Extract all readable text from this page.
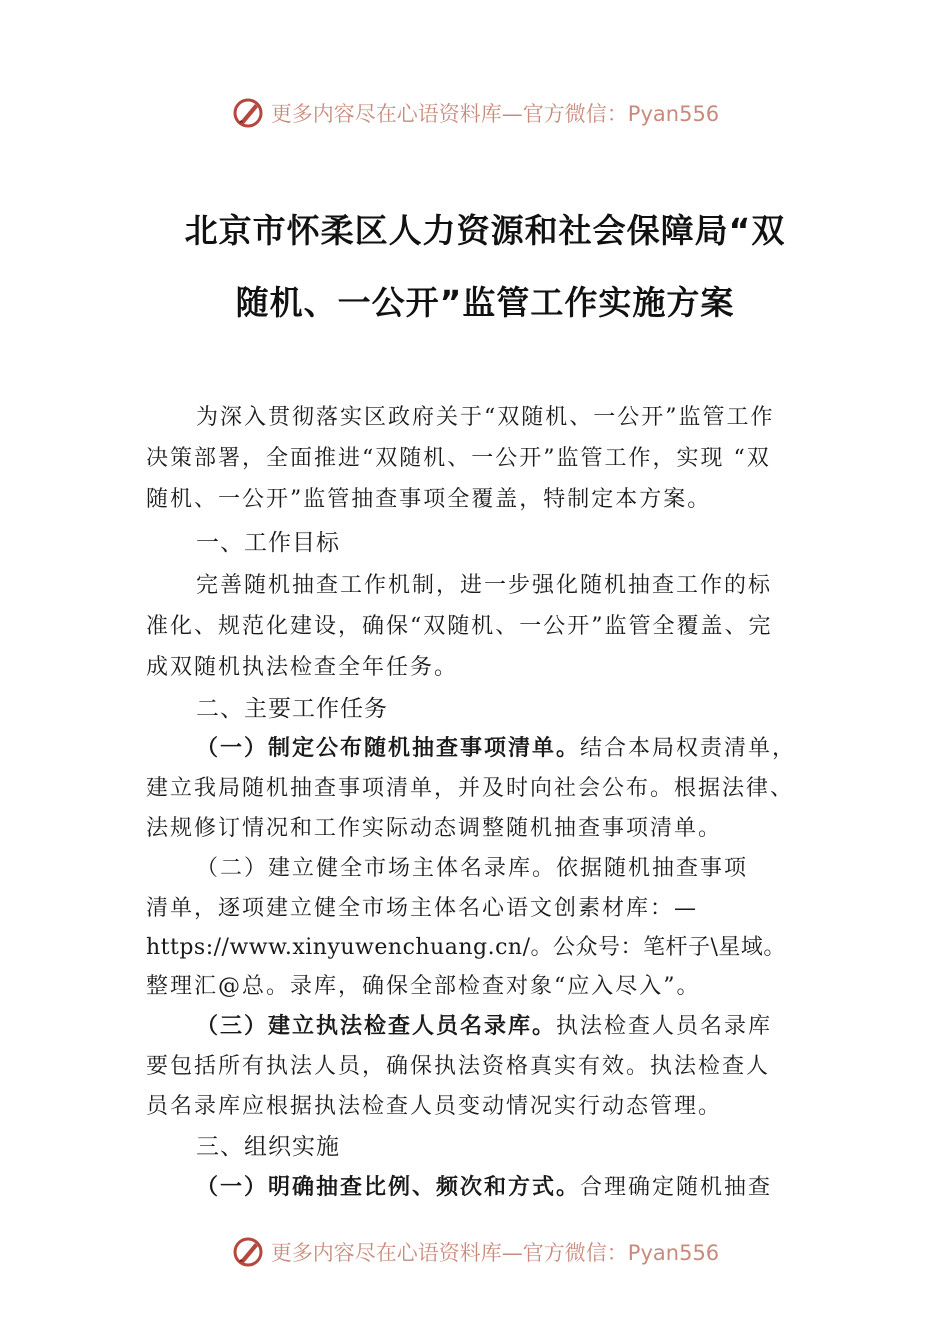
更多内容尽在心语资料库—官方微信：Pyan556
北京市怀柔区人力资源和社会保障局“双
随机、一公开”监管工作实施方案
为深入贯彻落实区政府关于“双随机、一公开”监管工作
决策部署，全面推进“双随机、一公开”监管工作，实现 “双
随机、一公开”监管抽查事项全覆盖，特制定本方案。
一、工作目标
完善随机抽查工作机制，进一步强化随机抽查工作的标
准化、规范化建设，确保“双随机、一公开”监管全覆盖、完
成双随机执法检查全年任务。
二、主要工作任务
（一）制定公布随机抽查事项清单。结合本局权责清单，
建立我局随机抽查事项清单，并及时向社会公布。根据法律、
法规修订情况和工作实际动态调整随机抽查事项清单。
（二）建立健全市场主体名录库。依据随机抽查事项
清单，逐项建立健全市场主体名心语文创素材库：—
https://www.xinyuwenchuang.cn/。公众号：笔杆子\星域。
整理汇@总。录库，确保全部检查对象“应入尽入”。
（三）建立执法检查人员名录库。执法检查人员名录库
要包括所有执法人员，确保执法资格真实有效。执法检查人
员名录库应根据执法检查人员变动情况实行动态管理。
三、组织实施
（一）明确抽查比例、频次和方式。合理确定随机抽查
更多内容尽在心语资料库—官方微信：Pyan556
